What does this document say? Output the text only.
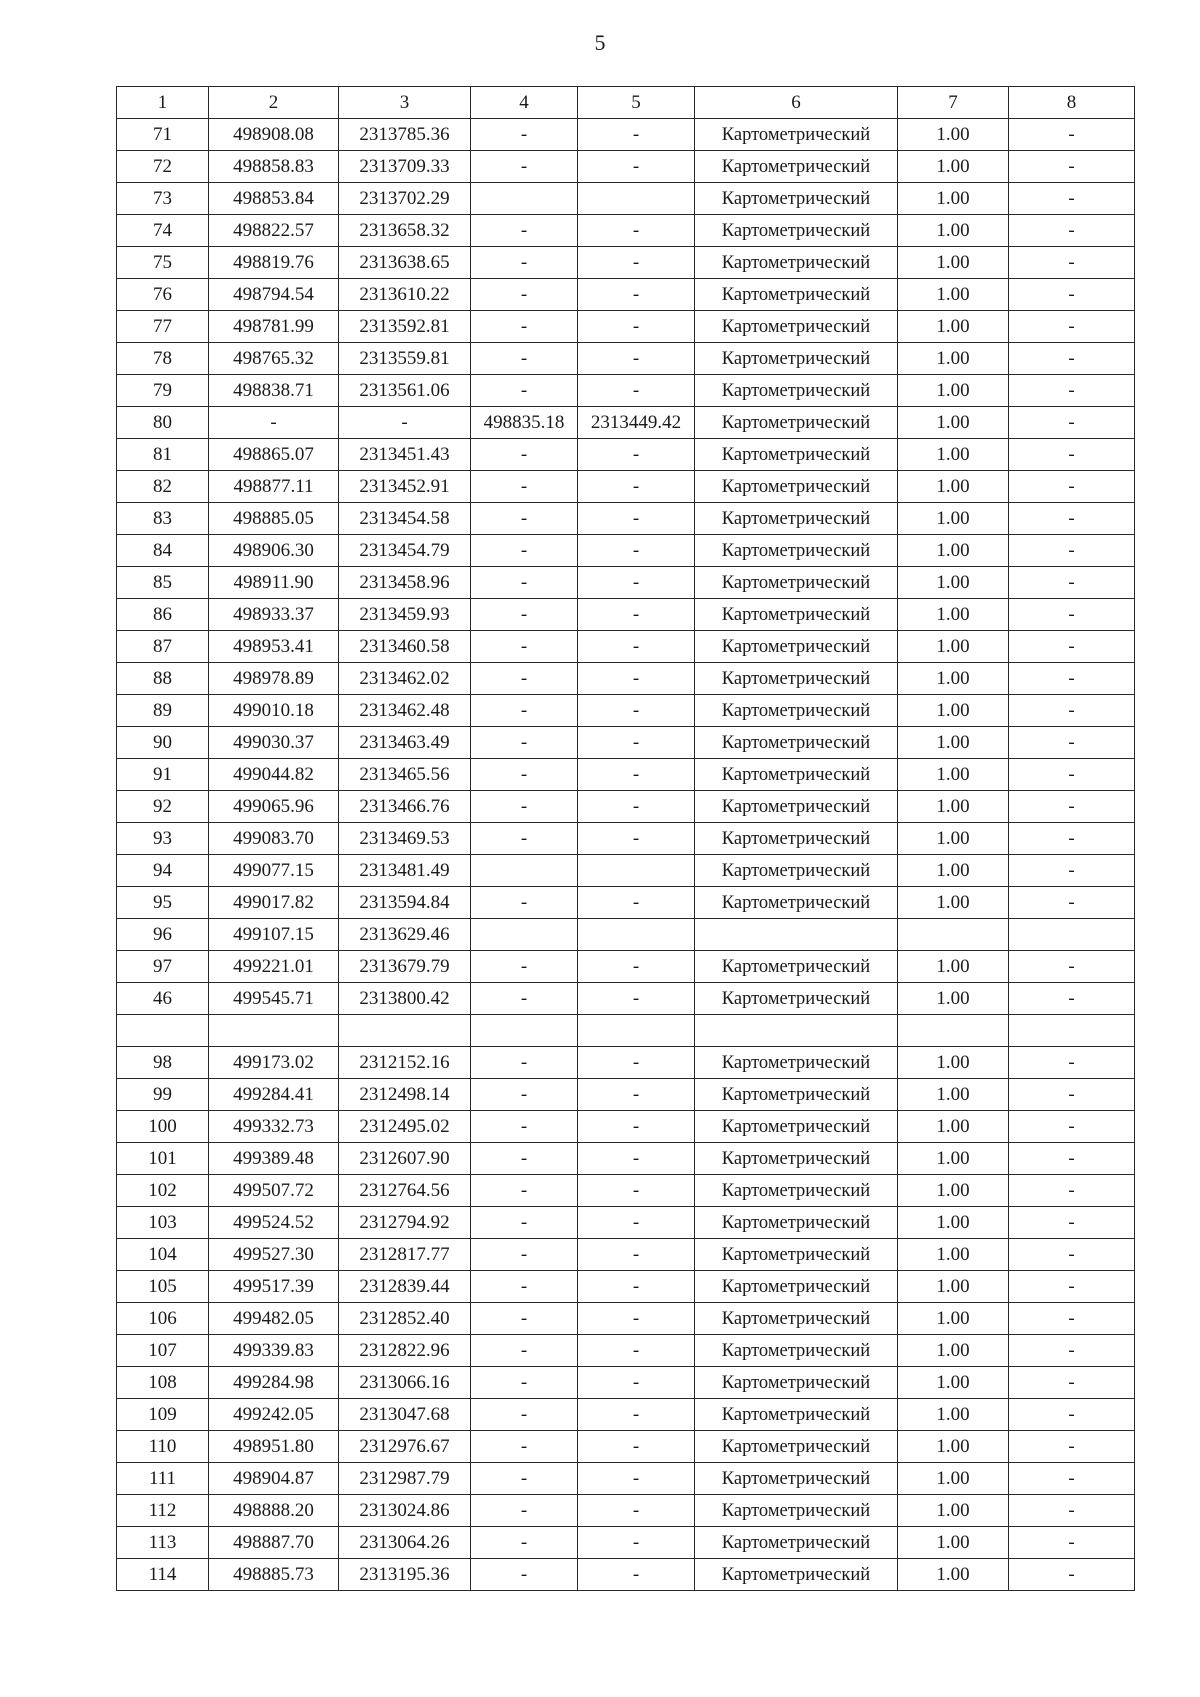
5
1	2	3	4	5	6	7	8
71	498908.08	2313785.36	-	-	Картометрический	1.00	-
72	498858.83	2313709.33	-	-	Картометрический	1.00	-
73	498853.84	2313702.29			Картометрический	1.00	-
74	498822.57	2313658.32	-	-	Картометрический	1.00	-
75	498819.76	2313638.65	-	-	Картометрический	1.00	-
76	498794.54	2313610.22	-	-	Картометрический	1.00	-
77	498781.99	2313592.81	-	-	Картометрический	1.00	-
78	498765.32	2313559.81	-	-	Картометрический	1.00	-
79	498838.71	2313561.06	-	-	Картометрический	1.00	-
80	-	-	498835.18	2313449.42	Картометрический	1.00	-
81	498865.07	2313451.43	-	-	Картометрический	1.00	-
82	498877.11	2313452.91	-	-	Картометрический	1.00	-
83	498885.05	2313454.58	-	-	Картометрический	1.00	-
84	498906.30	2313454.79	-	-	Картометрический	1.00	-
85	498911.90	2313458.96	-	-	Картометрический	1.00	-
86	498933.37	2313459.93	-	-	Картометрический	1.00	-
87	498953.41	2313460.58	-	-	Картометрический	1.00	-
88	498978.89	2313462.02	-	-	Картометрический	1.00	-
89	499010.18	2313462.48	-	-	Картометрический	1.00	-
90	499030.37	2313463.49	-	-	Картометрический	1.00	-
91	499044.82	2313465.56	-	-	Картометрический	1.00	-
92	499065.96	2313466.76	-	-	Картометрический	1.00	-
93	499083.70	2313469.53	-	-	Картометрический	1.00	-
94	499077.15	2313481.49			Картометрический	1.00	-
95	499017.82	2313594.84	-	-	Картометрический	1.00	-
96	499107.15	2313629.46					
97	499221.01	2313679.79	-	-	Картометрический	1.00	-
46	499545.71	2313800.42	-	-	Картометрический	1.00	-

98	499173.02	2312152.16	-	-	Картометрический	1.00	-
99	499284.41	2312498.14	-	-	Картометрический	1.00	-
100	499332.73	2312495.02	-	-	Картометрический	1.00	-
101	499389.48	2312607.90	-	-	Картометрический	1.00	-
102	499507.72	2312764.56	-	-	Картометрический	1.00	-
103	499524.52	2312794.92	-	-	Картометрический	1.00	-
104	499527.30	2312817.77	-	-	Картометрический	1.00	-
105	499517.39	2312839.44	-	-	Картометрический	1.00	-
106	499482.05	2312852.40	-	-	Картометрический	1.00	-
107	499339.83	2312822.96	-	-	Картометрический	1.00	-
108	499284.98	2313066.16	-	-	Картометрический	1.00	-
109	499242.05	2313047.68	-	-	Картометрический	1.00	-
110	498951.80	2312976.67	-	-	Картометрический	1.00	-
111	498904.87	2312987.79	-	-	Картометрический	1.00	-
112	498888.20	2313024.86	-	-	Картометрический	1.00	-
113	498887.70	2313064.26	-	-	Картометрический	1.00	-
114	498885.73	2313195.36	-	-	Картометрический	1.00	-
